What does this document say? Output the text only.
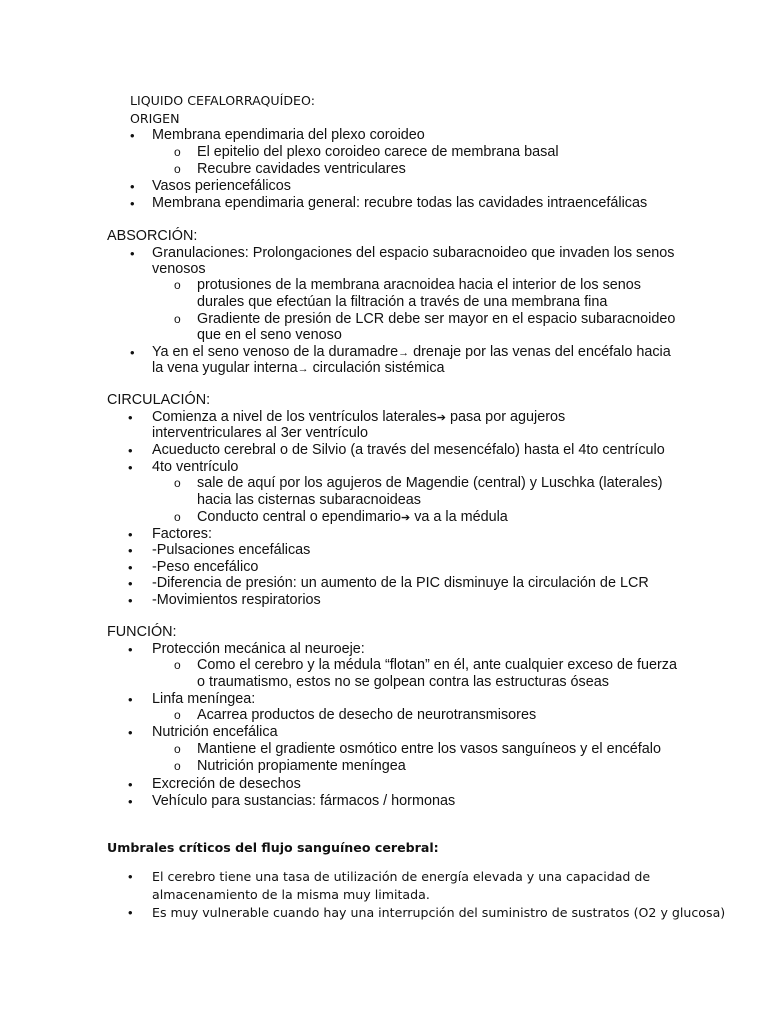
LIQUIDO CEFALORRAQUÍDEO:
ORIGEN
• Membrana ependimaria del plexo coroideo
o El epitelio del plexo coroideo carece de membrana basal
o Recubre cavidades ventriculares
• Vasos periencefálicos
• Membrana ependimaria general: recubre todas las cavidades intraencefálicas
ABSORCIÓN:
• Granulaciones: Prolongaciones del espacio subaracnoideo que invaden los senos
venosos
o protusiones de la membrana aracnoidea hacia el interior de los senos
durales que efectúan la filtración a través de una membrana fina
o Gradiente de presión de LCR debe ser mayor en el espacio subaracnoideo
que en el seno venoso
• Ya en el seno venoso de la duramadre→ drenaje por las venas del encéfalo hacia
la vena yugular interna→ circulación sistémica
CIRCULACIÓN:
• Comienza a nivel de los ventrículos laterales➔ pasa por agujeros
interventriculares al 3er ventrículo
• Acueducto cerebral o de Silvio (a través del mesencéfalo) hasta el 4to centrículo
• 4to ventrículo
o sale de aquí por los agujeros de Magendie (central) y Luschka (laterales)
hacia las cisternas subaracnoideas
o Conducto central o ependimario➔ va a la médula
• Factores:
• -Pulsaciones encefálicas
• -Peso encefálico
• -Diferencia de presión: un aumento de la PIC disminuye la circulación de LCR
• -Movimientos respiratorios
FUNCIÓN:
• Protección mecánica al neuroeje:
o Como el cerebro y la médula “flotan” en él, ante cualquier exceso de fuerza
o traumatismo, estos no se golpean contra las estructuras óseas
• Linfa meníngea:
o Acarrea productos de desecho de neurotransmisores
• Nutrición encefálica
o Mantiene el gradiente osmótico entre los vasos sanguíneos y el encéfalo
o Nutrición propiamente meníngea
• Excreción de desechos
• Vehículo para sustancias: fármacos / hormonas
Umbrales críticos del flujo sanguíneo cerebral:
• El cerebro tiene una tasa de utilización de energía elevada y una capacidad de
almacenamiento de la misma muy limitada.
• Es muy vulnerable cuando hay una interrupción del suministro de sustratos (O2 y glucosa)
